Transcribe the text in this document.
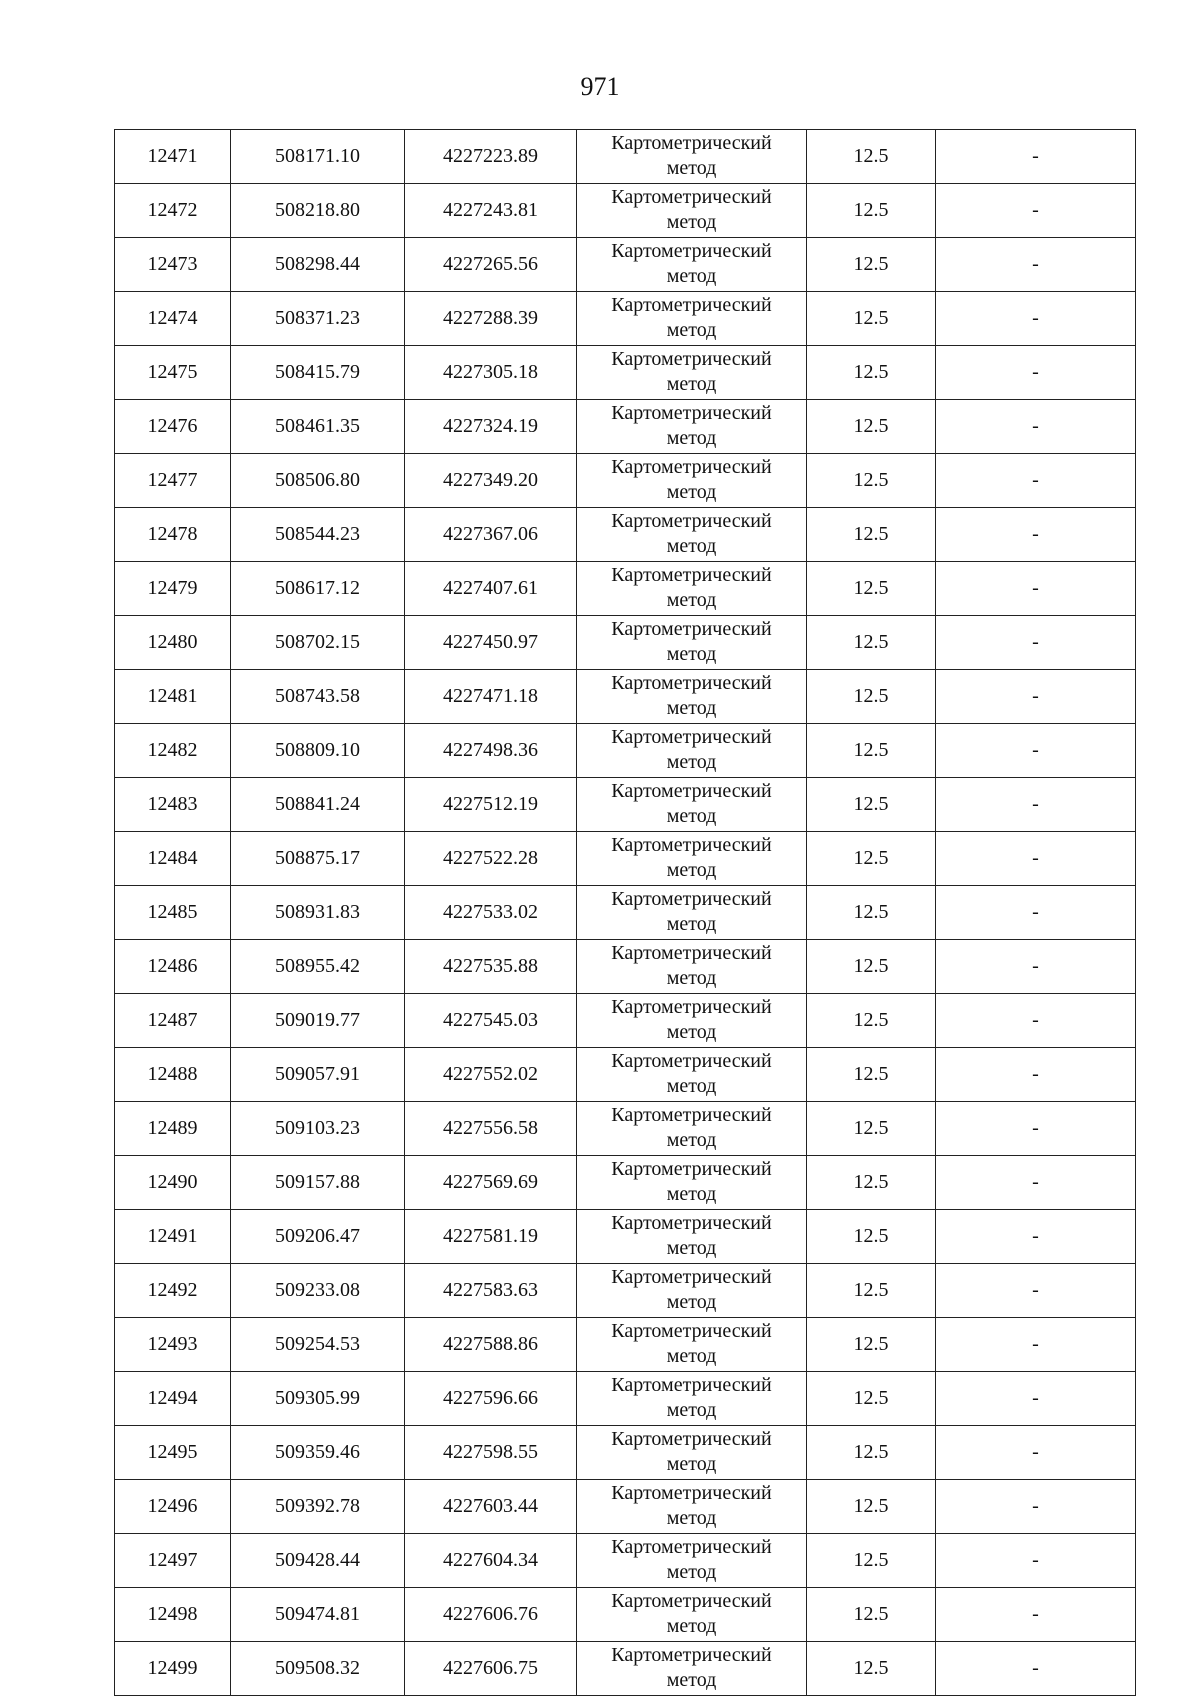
971
12471	508171.10	4227223.89	Картометрический
метод	12.5	-
12472	508218.80	4227243.81	Картометрический
метод	12.5	-
12473	508298.44	4227265.56	Картометрический
метод	12.5	-
12474	508371.23	4227288.39	Картометрический
метод	12.5	-
12475	508415.79	4227305.18	Картометрический
метод	12.5	-
12476	508461.35	4227324.19	Картометрический
метод	12.5	-
12477	508506.80	4227349.20	Картометрический
метод	12.5	-
12478	508544.23	4227367.06	Картометрический
метод	12.5	-
12479	508617.12	4227407.61	Картометрический
метод	12.5	-
12480	508702.15	4227450.97	Картометрический
метод	12.5	-
12481	508743.58	4227471.18	Картометрический
метод	12.5	-
12482	508809.10	4227498.36	Картометрический
метод	12.5	-
12483	508841.24	4227512.19	Картометрический
метод	12.5	-
12484	508875.17	4227522.28	Картометрический
метод	12.5	-
12485	508931.83	4227533.02	Картометрический
метод	12.5	-
12486	508955.42	4227535.88	Картометрический
метод	12.5	-
12487	509019.77	4227545.03	Картометрический
метод	12.5	-
12488	509057.91	4227552.02	Картометрический
метод	12.5	-
12489	509103.23	4227556.58	Картометрический
метод	12.5	-
12490	509157.88	4227569.69	Картометрический
метод	12.5	-
12491	509206.47	4227581.19	Картометрический
метод	12.5	-
12492	509233.08	4227583.63	Картометрический
метод	12.5	-
12493	509254.53	4227588.86	Картометрический
метод	12.5	-
12494	509305.99	4227596.66	Картометрический
метод	12.5	-
12495	509359.46	4227598.55	Картометрический
метод	12.5	-
12496	509392.78	4227603.44	Картометрический
метод	12.5	-
12497	509428.44	4227604.34	Картометрический
метод	12.5	-
12498	509474.81	4227606.76	Картометрический
метод	12.5	-
12499	509508.32	4227606.75	Картометрический
метод	12.5	-
